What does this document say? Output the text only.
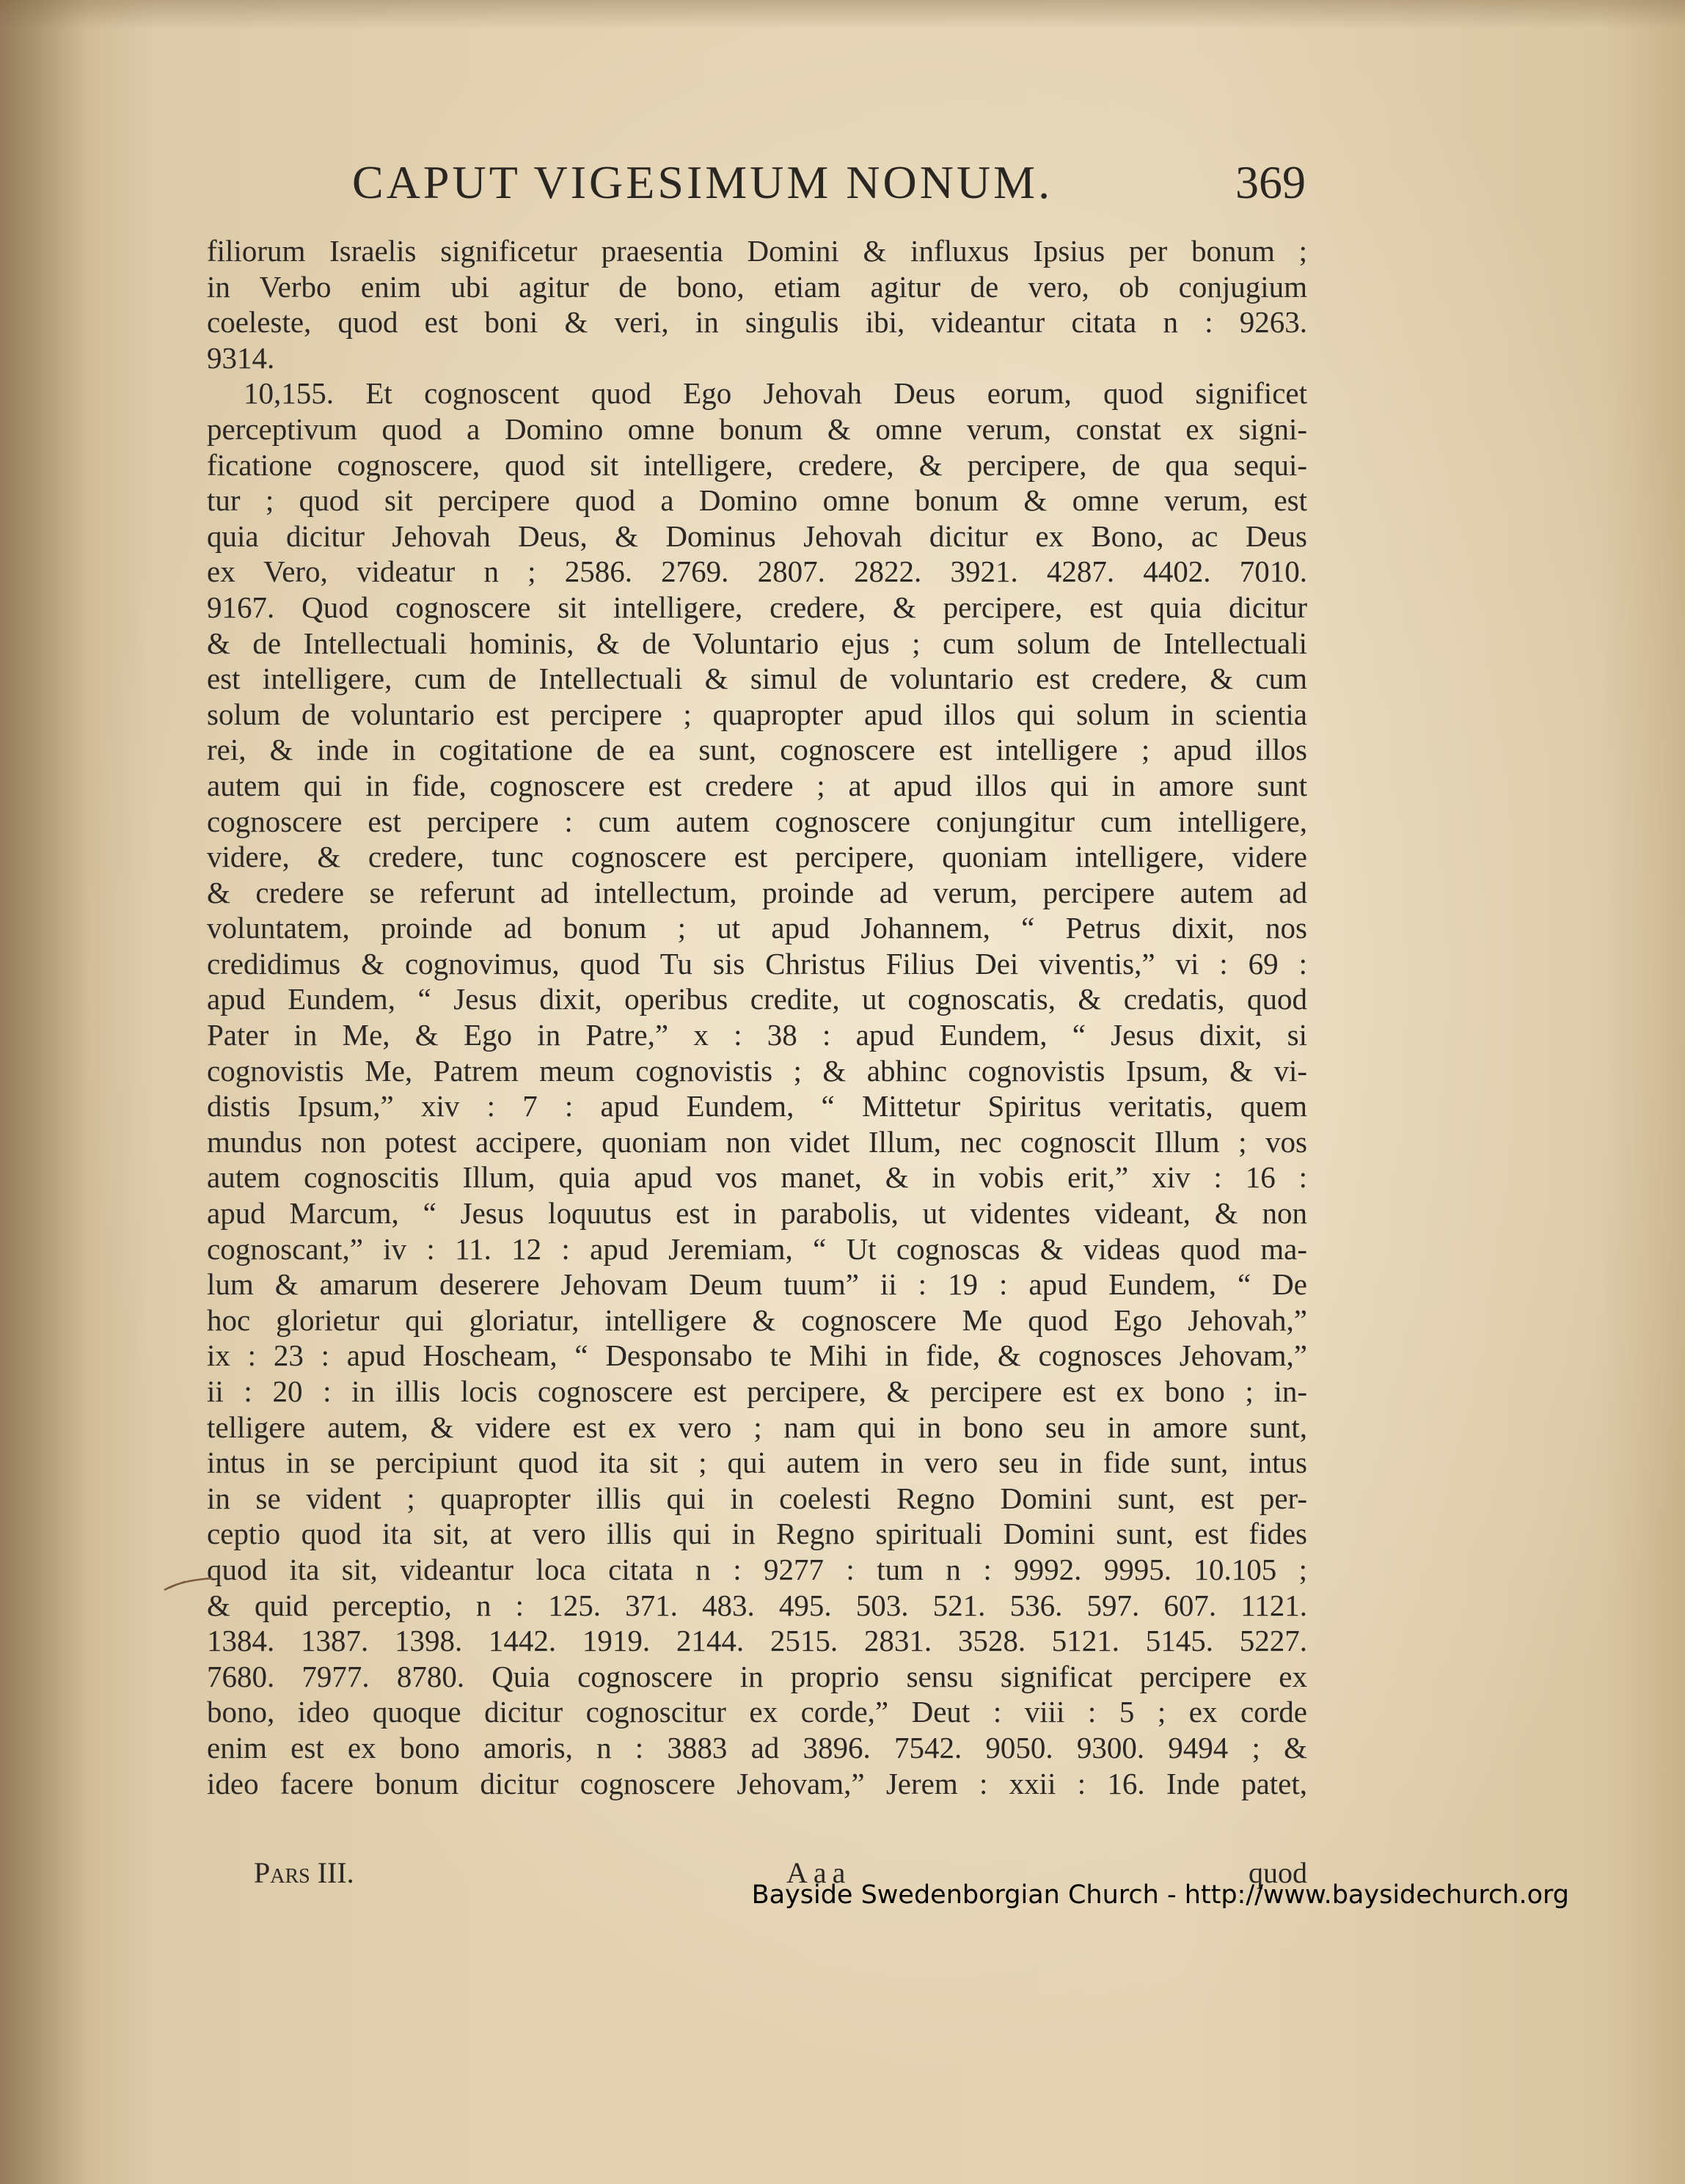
CAPUT VIGESIMUM NONUM.	369
filiorum Israelis significetur praesentia Domini & influxus Ipsius per bonum ;
in Verbo enim ubi agitur de bono, etiam agitur de vero, ob conjugium
coeleste, quod est boni & veri, in singulis ibi, videantur citata n : 9263.
9314.
10,155. Et cognoscent quod Ego Jehovah Deus eorum, quod significet
perceptivum quod a Domino omne bonum & omne verum, constat ex signi-
ficatione cognoscere, quod sit intelligere, credere, & percipere, de qua sequi-
tur ; quod sit percipere quod a Domino omne bonum & omne verum, est
quia dicitur Jehovah Deus, & Dominus Jehovah dicitur ex Bono, ac Deus
ex Vero, videatur n ; 2586. 2769. 2807. 2822. 3921. 4287. 4402. 7010.
9167. Quod cognoscere sit intelligere, credere, & percipere, est quia dicitur
& de Intellectuali hominis, & de Voluntario ejus ; cum solum de Intellectuali
est intelligere, cum de Intellectuali & simul de voluntario est credere, & cum
solum de voluntario est percipere ; quapropter apud illos qui solum in scientia
rei, & inde in cogitatione de ea sunt, cognoscere est intelligere ; apud illos
autem qui in fide, cognoscere est credere ; at apud illos qui in amore sunt
cognoscere est percipere : cum autem cognoscere conjungitur cum intelligere,
videre, & credere, tunc cognoscere est percipere, quoniam intelligere, videre
& credere se referunt ad intellectum, proinde ad verum, percipere autem ad
voluntatem, proinde ad bonum ; ut apud Johannem, “ Petrus dixit, nos
credidimus & cognovimus, quod Tu sis Christus Filius Dei viventis,” vi : 69 :
apud Eundem, “ Jesus dixit, operibus credite, ut cognoscatis, & credatis, quod
Pater in Me, & Ego in Patre,” x : 38 : apud Eundem, “ Jesus dixit, si
cognovistis Me, Patrem meum cognovistis ; & abhinc cognovistis Ipsum, & vi-
distis Ipsum,” xiv : 7 : apud Eundem, “ Mittetur Spiritus veritatis, quem
mundus non potest accipere, quoniam non videt Illum, nec cognoscit Illum ; vos
autem cognoscitis Illum, quia apud vos manet, & in vobis erit,” xiv : 16 :
apud Marcum, “ Jesus loquutus est in parabolis, ut videntes videant, & non
cognoscant,” iv : 11. 12 : apud Jeremiam, “ Ut cognoscas & videas quod ma-
lum & amarum deserere Jehovam Deum tuum” ii : 19 : apud Eundem, “ De
hoc glorietur qui gloriatur, intelligere & cognoscere Me quod Ego Jehovah,”
ix : 23 : apud Hoscheam, “ Desponsabo te Mihi in fide, & cognosces Jehovam,”
ii : 20 : in illis locis cognoscere est percipere, & percipere est ex bono ; in-
telligere autem, & videre est ex vero ; nam qui in bono seu in amore sunt,
intus in se percipiunt quod ita sit ; qui autem in vero seu in fide sunt, intus
in se vident ; quapropter illis qui in coelesti Regno Domini sunt, est per-
ceptio quod ita sit, at vero illis qui in Regno spirituali Domini sunt, est fides
quod ita sit, videantur loca citata n : 9277 : tum n : 9992. 9995. 10.105 ;
& quid perceptio, n : 125. 371. 483. 495. 503. 521. 536. 597. 607. 1121.
1384. 1387. 1398. 1442. 1919. 2144. 2515. 2831. 3528. 5121. 5145. 5227.
7680. 7977. 8780. Quia cognoscere in proprio sensu significat percipere ex
bono, ideo quoque dicitur cognoscitur ex corde,” Deut : viii : 5 ; ex corde
enim est ex bono amoris, n : 3883 ad 3896. 7542. 9050. 9300. 9494 ; &
ideo facere bonum dicitur cognoscere Jehovam,” Jerem : xxii : 16. Inde patet,
Pars III.	Aaa	quod
Bayside Swedenborgian Church - http://www.baysidechurch.org
